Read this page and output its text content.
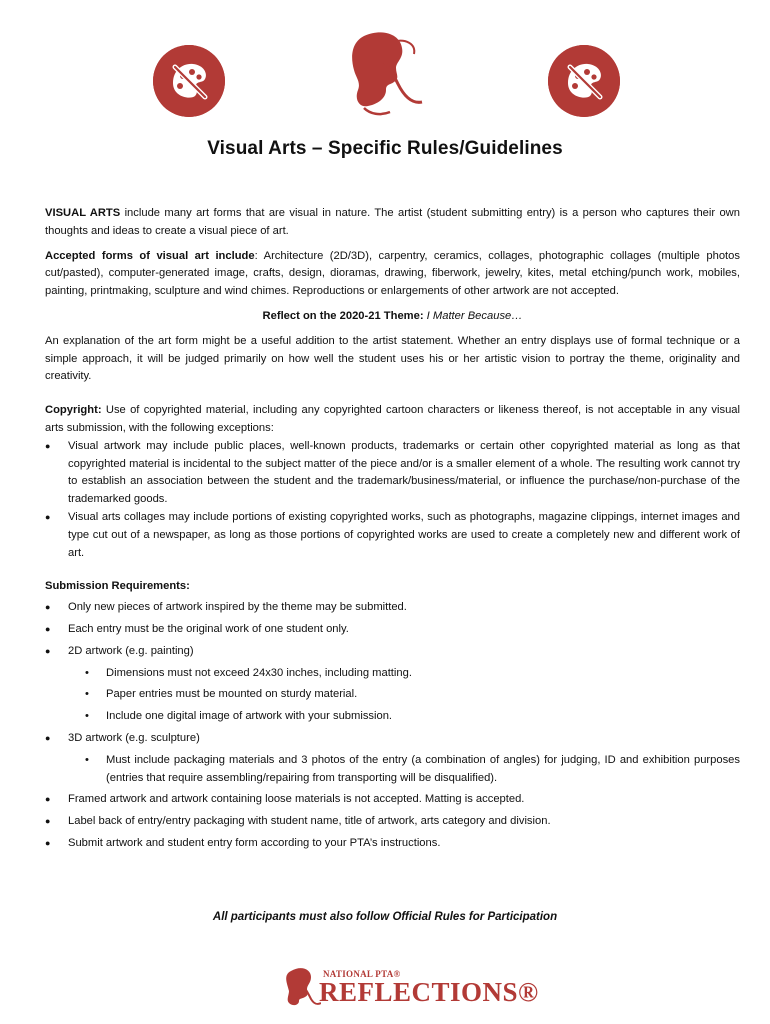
Visual Arts – Specific Rules/Guidelines

VISUAL ARTS include many art forms that are visual in nature. The artist (student submitting entry) is a person who captures their own thoughts and ideas to create a visual piece of art.

Accepted forms of visual art include: Architecture (2D/3D), carpentry, ceramics, collages, photographic collages (multiple photos cut/pasted), computer-generated image, crafts, design, dioramas, drawing, fiberwork, jewelry, kites, metal etching/punch work, mobiles, painting, printmaking, sculpture and wind chimes. Reproductions or enlargements of other artwork are not accepted.

Reflect on the 2020-21 Theme: I Matter Because…

An explanation of the art form might be a useful addition to the artist statement. Whether an entry displays use of formal technique or a simple approach, it will be judged primarily on how well the student uses his or her artistic vision to portray the theme, originality and creativity.

Copyright: Use of copyrighted material, including any copyrighted cartoon characters or likeness thereof, is not acceptable in any visual arts submission, with the following exceptions:

● Visual artwork may include public places, well-known products, trademarks or certain other copyrighted material as long as that copyrighted material is incidental to the subject matter of the piece and/or is a smaller element of a whole. The resulting work cannot try to establish an association between the student and the trademark/business/material, or influence the purchase/non-purchase of the trademarked goods.
● Visual arts collages may include portions of existing copyrighted works, such as photographs, magazine clippings, internet images and type cut out of a newspaper, as long as those portions of copyrighted works are used to create a completely new and different work of art.

Submission Requirements:

● Only new pieces of artwork inspired by the theme may be submitted.
● Each entry must be the original work of one student only.
● 2D artwork (e.g. painting)
• Dimensions must not exceed 24x30 inches, including matting.
• Paper entries must be mounted on sturdy material.
• Include one digital image of artwork with your submission.
● 3D artwork (e.g. sculpture)
• Must include packaging materials and 3 photos of the entry (a combination of angles) for judging, ID and exhibition purposes (entries that require assembling/repairing from transporting will be disqualified).
● Framed artwork and artwork containing loose materials is not accepted. Matting is accepted.
● Label back of entry/entry packaging with student name, title of artwork, arts category and division.
● Submit artwork and student entry form according to your PTA’s instructions.
All participants must also follow Official Rules for Participation
NATIONAL PTA®
REFLECTIONS®
